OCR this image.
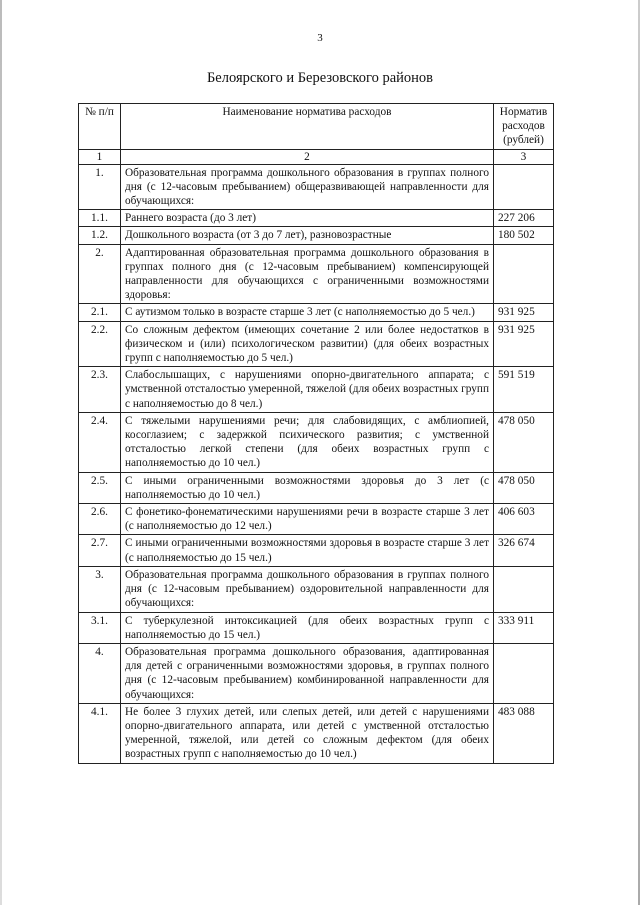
3
Белоярского и Березовского районов
№ п/п	Наименование норматива расходов	Норматив расходов (рублей)
1	2	3
1.	Образовательная программа дошкольного образования в группах полного дня (с 12-часовым пребыванием) общеразвивающей направленности для обучающихся:	
1.1.	Раннего возраста (до 3 лет)	227 206
1.2.	Дошкольного возраста (от 3 до 7 лет), разновозрастные	180 502
2.	Адаптированная образовательная программа дошкольного образования в группах полного дня (с 12-часовым пребыванием) компенсирующей направленности для обучающихся с ограниченными возможностями здоровья:	
2.1.	С аутизмом только в возрасте старше 3 лет (с наполняемостью до 5 чел.)	931 925
2.2.	Со сложным дефектом (имеющих сочетание 2 или более недостатков в физическом и (или) психологическом развитии) (для обеих возрастных групп с наполняемостью до 5 чел.)	931 925
2.3.	Слабослышащих, с нарушениями опорно-двигательного аппарата; с умственной отсталостью умеренной, тяжелой (для обеих возрастных групп с наполняемостью до 8 чел.)	591 519
2.4.	С тяжелыми нарушениями речи; для слабовидящих, с амблиопией, косоглазием; с задержкой психического развития; с умственной отсталостью легкой степени (для обеих возрастных групп с наполняемостью до 10 чел.)	478 050
2.5.	С иными ограниченными возможностями здоровья до 3 лет (с наполняемостью до 10 чел.)	478 050
2.6.	С фонетико-фонематическими нарушениями речи в возрасте старше 3 лет (с наполняемостью до 12 чел.)	406 603
2.7.	С иными ограниченными возможностями здоровья в возрасте старше 3 лет (с наполняемостью до 15 чел.)	326 674
3.	Образовательная программа дошкольного образования в группах полного дня (с 12-часовым пребыванием) оздоровительной направленности для обучающихся:	
3.1.	С туберкулезной интоксикацией (для обеих возрастных групп с наполняемостью до 15 чел.)	333 911
4.	Образовательная программа дошкольного образования, адаптированная для детей с ограниченными возможностями здоровья, в группах полного дня (с 12-часовым пребыванием) комбинированной направленности для обучающихся:	
4.1.	Не более 3 глухих детей, или слепых детей, или детей с нарушениями опорно-двигательного аппарата, или детей с умственной отсталостью умеренной, тяжелой, или детей со сложным дефектом (для обеих возрастных групп с наполняемостью до 10 чел.)	483 088
